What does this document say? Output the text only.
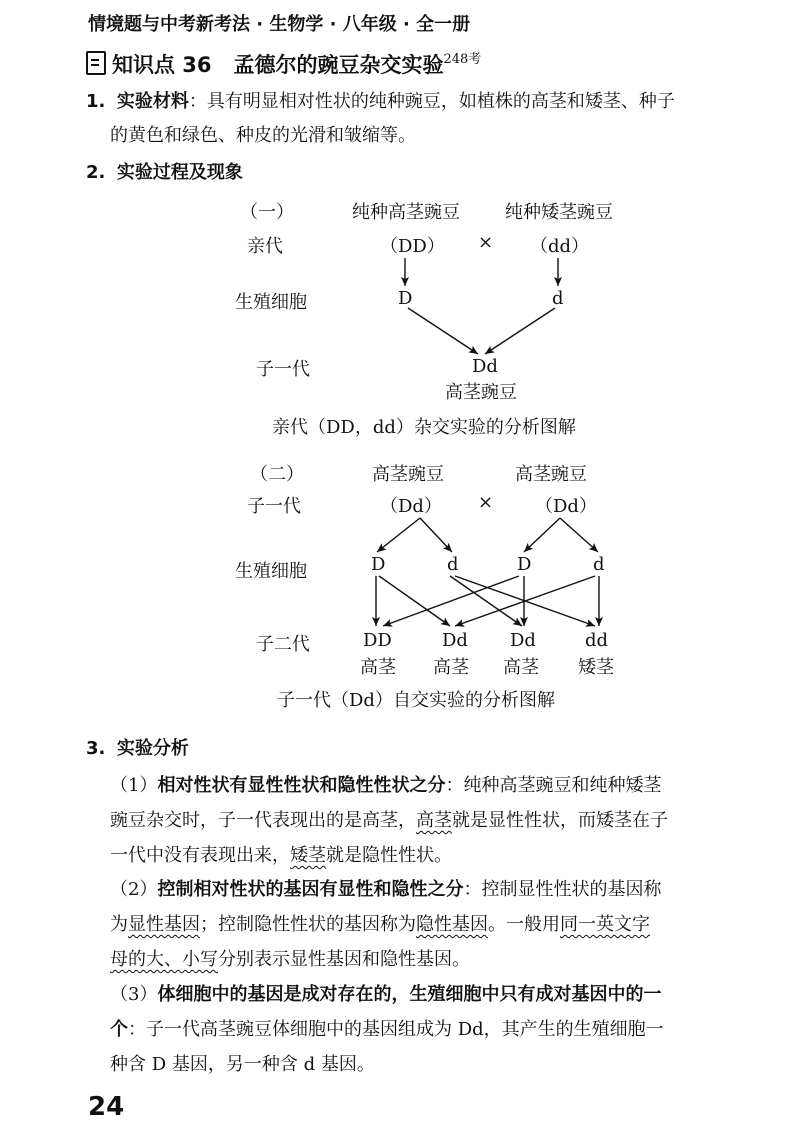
情境题与中考新考法 · 生物学 · 八年级 · 全一册
知识点 36 孟德尔的豌豆杂交实验$^{248考}$
1. 实验材料：具有明显相对性状的纯种豌豆，如植株的高茎和矮茎、种子
的黄色和绿色、种皮的光滑和皱缩等。
2. 实验过程及现象
（一）	纯种高茎豌豆	纯种矮茎豌豆
亲代	（DD） × （dd）
生殖细胞	D	d
子一代	Dd
高茎豌豆
亲代（DD，dd）杂交实验的分析图解
（二）	高茎豌豆	高茎豌豆
子一代	（Dd） × （Dd）
生殖细胞	D	d	D	d
子二代	DD	Dd Dd	dd
高茎 高茎 高茎 矮茎
子一代（Dd）自交实验的分析图解
3. 实验分析
（1）相对性状有显性性状和隐性性状之分：纯种高茎豌豆和纯种矮茎
豌豆杂交时，子一代表现出的是高茎，高茎就是显性性状，而矮茎在子
一代中没有表现出来，矮茎就是隐性性状。
（2）控制相对性状的基因有显性和隐性之分：控制显性性状的基因称
为显性基因；控制隐性性状的基因称为隐性基因。一般用同一英文字
母的大、小写分别表示显性基因和隐性基因。
（3）体细胞中的基因是成对存在的，生殖细胞中只有成对基因中的一
个：子一代高茎豌豆体细胞中的基因组成为 Dd，其产生的生殖细胞一
种含 D 基因，另一种含 d 基因。
24
